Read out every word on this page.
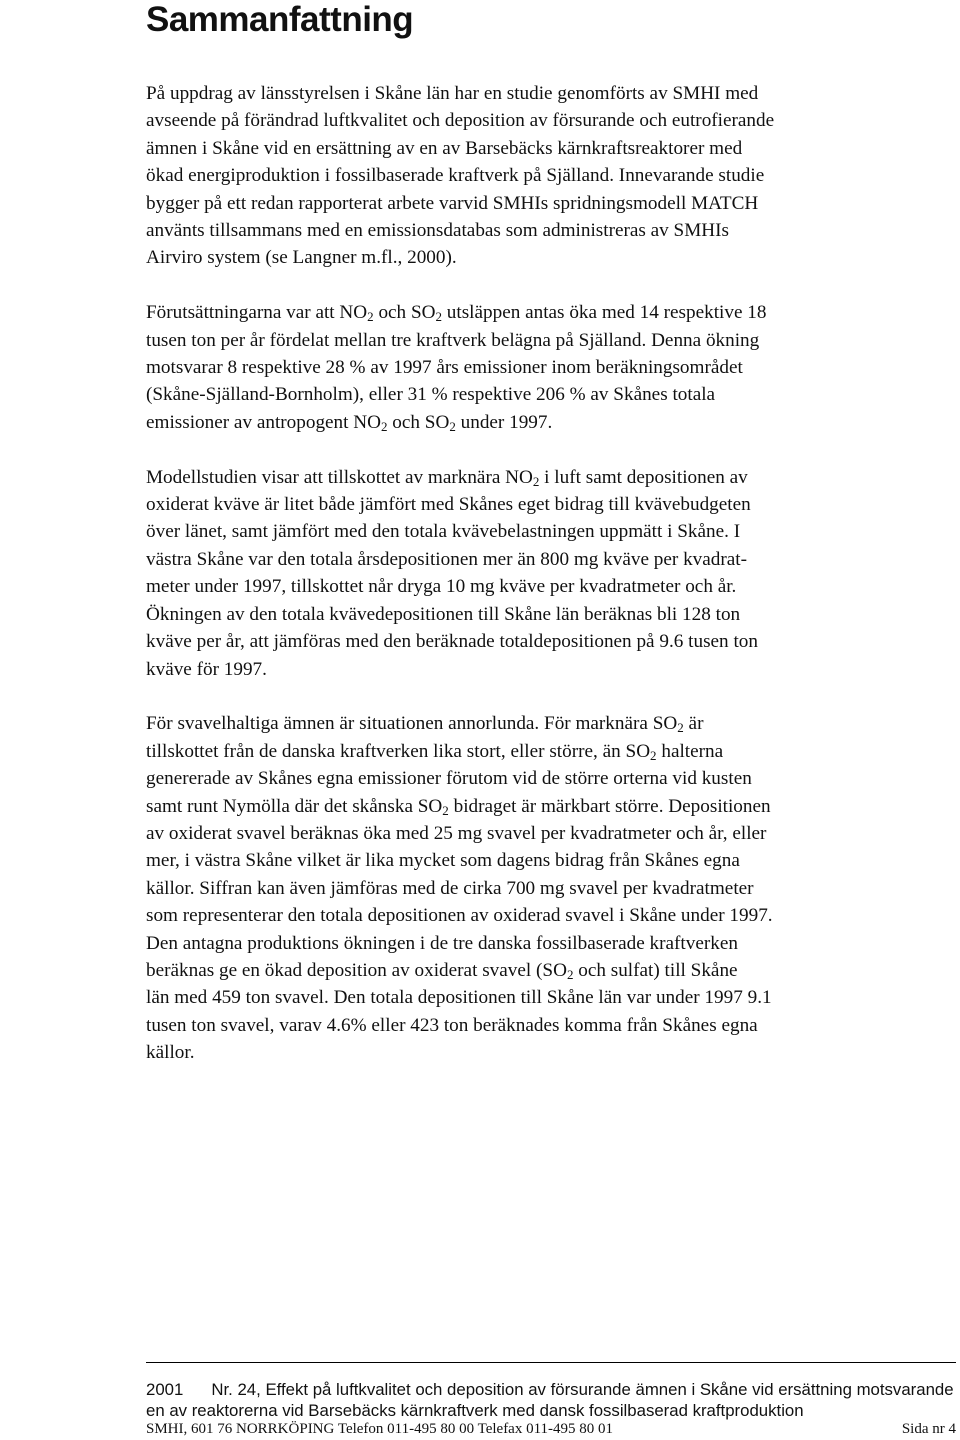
Sammanfattning

På uppdrag av länsstyrelsen i Skåne län har en studie genomförts av SMHI med
avseende på förändrad luftkvalitet och deposition av försurande och eutrofierande
ämnen i Skåne vid en ersättning av en av Barsebäcks kärnkraftsreaktorer med
ökad energiproduktion i fossilbaserade kraftverk på Själland. Innevarande studie
bygger på ett redan rapporterat arbete varvid SMHIs spridningsmodell MATCH
använts tillsammans med en emissionsdatabas som administreras av SMHIs
Airviro system (se Langner m.fl., 2000).

Förutsättningarna var att $NO_2$ och $SO_2$ utsläppen antas öka med 14 respektive 18
tusen ton per år fördelat mellan tre kraftverk belägna på Själland. Denna ökning
motsvarar 8 respektive 28 % av 1997 års emissioner inom beräkningsområdet
(Skåne-Själland-Bornholm), eller 31 % respektive 206 % av Skånes totala
emissioner av antropogent $NO_2$ och $SO_2$ under 1997.

Modellstudien visar att tillskottet av marknära $NO_2$ i luft samt depositionen av
oxiderat kväve är litet både jämfört med Skånes eget bidrag till kvävebudgeten
över länet, samt jämfört med den totala kvävebelastningen uppmätt i Skåne. I
västra Skåne var den totala årsdepositionen mer än 800 mg kväve per kvadrat-
meter under 1997, tillskottet når dryga 10 mg kväve per kvadratmeter och år.
Ökningen av den totala kvävedepositionen till Skåne län beräknas bli 128 ton
kväve per år, att jämföras med den beräknade totaldepositionen på 9.6 tusen ton
kväve för 1997.

För svavelhaltiga ämnen är situationen annorlunda. För marknära $SO_2$ är
tillskottet från de danska kraftverken lika stort, eller större, än $SO_2$ halterna
genererade av Skånes egna emissioner förutom vid de större orterna vid kusten
samt runt Nymölla där det skånska $SO_2$ bidraget är märkbart större. Depositionen
av oxiderat svavel beräknas öka med 25 mg svavel per kvadratmeter och år, eller
mer, i västra Skåne vilket är lika mycket som dagens bidrag från Skånes egna
källor. Siffran kan även jämföras med de cirka 700 mg svavel per kvadratmeter
som representerar den totala depositionen av oxiderad svavel i Skåne under 1997.
Den antagna produktions ökningen i de tre danska fossilbaserade kraftverken
beräknas ge en ökad deposition av oxiderat svavel ($SO_2$ och sulfat) till Skåne
län med 459 ton svavel. Den totala depositionen till Skåne län var under 1997 9.1
tusen ton svavel, varav 4.6% eller 423 ton beräknades komma från Skånes egna
källor.

2001 Nr. 24, Effekt på luftkvalitet och deposition av försurande ämnen i Skåne vid ersättning motsvarande
en av reaktorerna vid Barsebäcks kärnkraftverk med dansk fossilbaserad kraftproduktion
SMHI, 601 76 NORRKÖPING Telefon 011-495 80 00 Telefax 011-495 80 01	Sida nr 4
